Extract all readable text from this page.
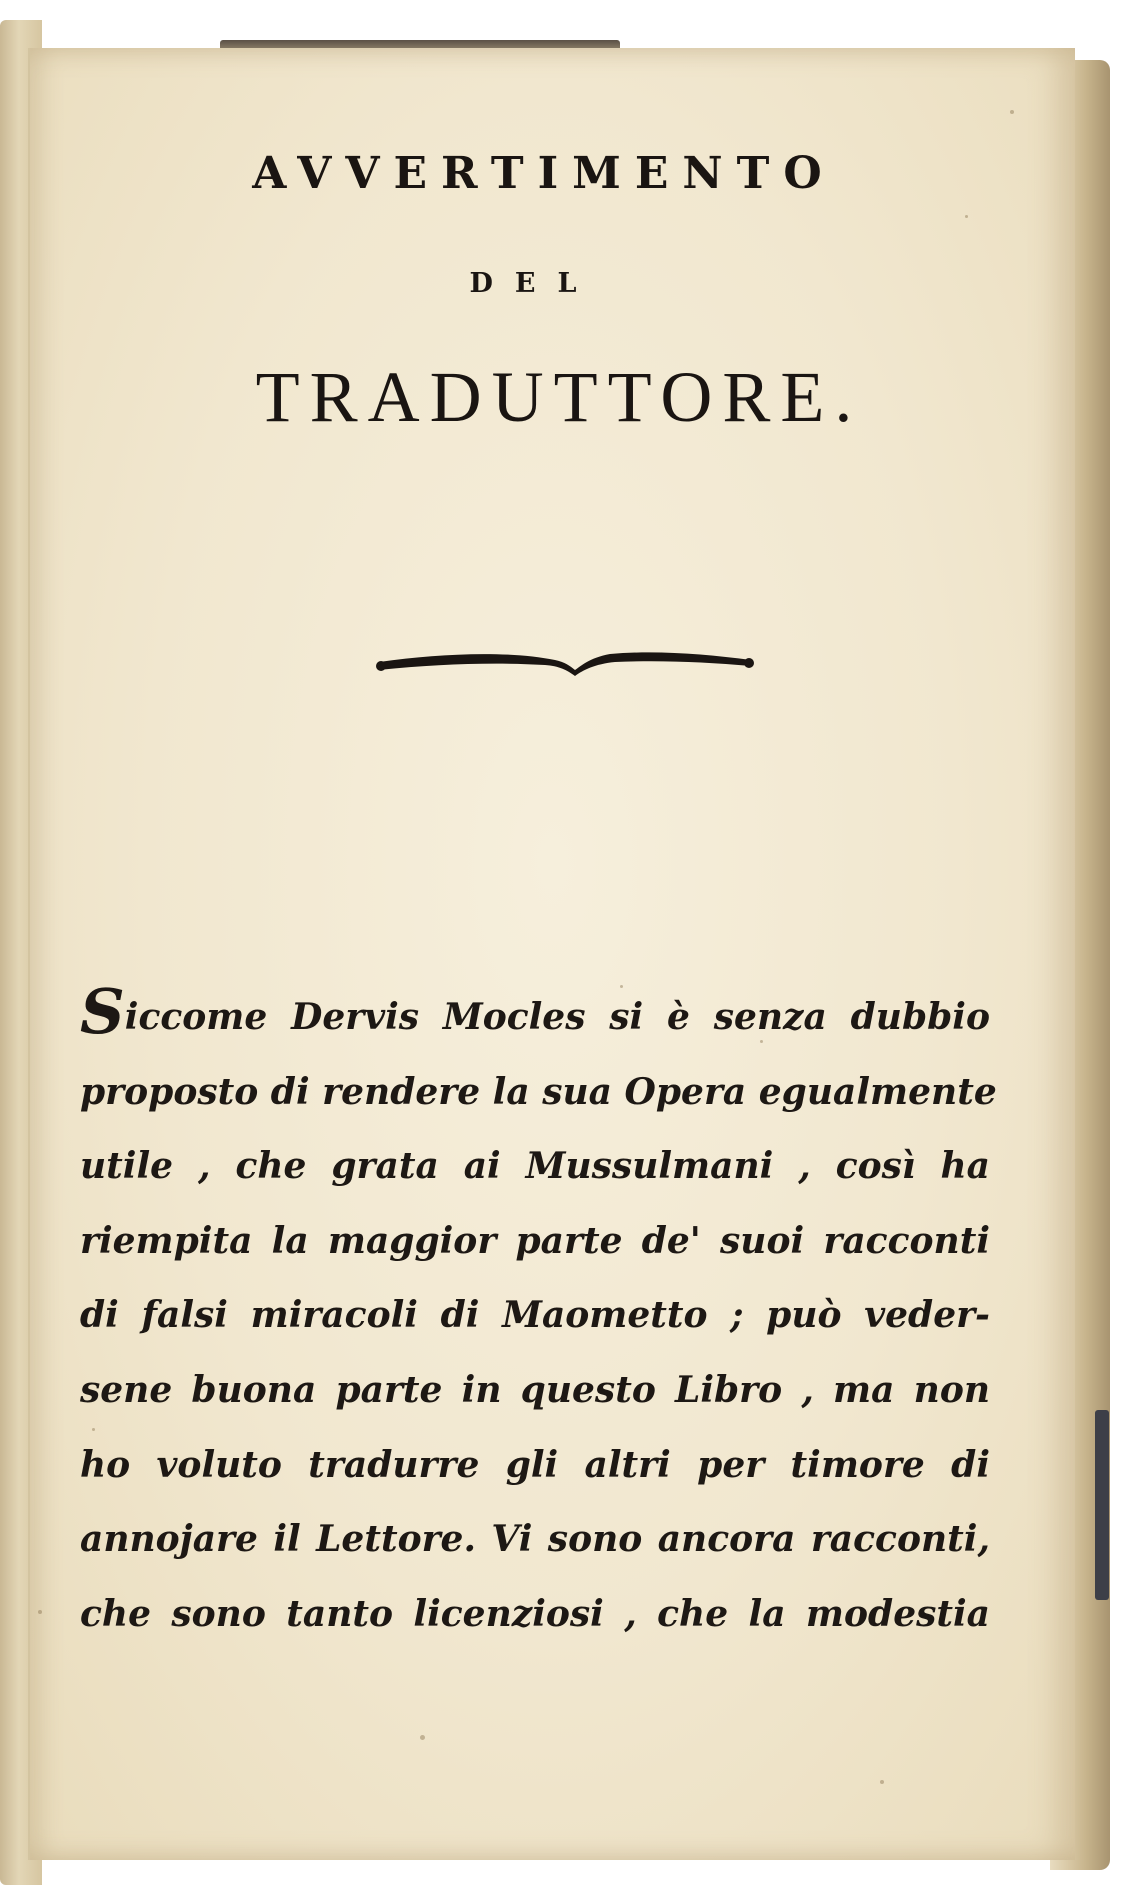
AVVERTIMENTO
DEL
TRADUTTORE.
Siccome Dervis Mocles si è senza dubbio
proposto di rendere la sua Opera egualmente
utile , che grata ai Mussulmani , così ha
riempita la maggior parte de' suoi racconti
di falsi miracoli di Maometto ; può veder-
sene buona parte in questo Libro , ma non
ho voluto tradurre gli altri per timore di
annojare il Lettore. Vi sono ancora racconti,
che sono tanto licenziosi , che la modestia
